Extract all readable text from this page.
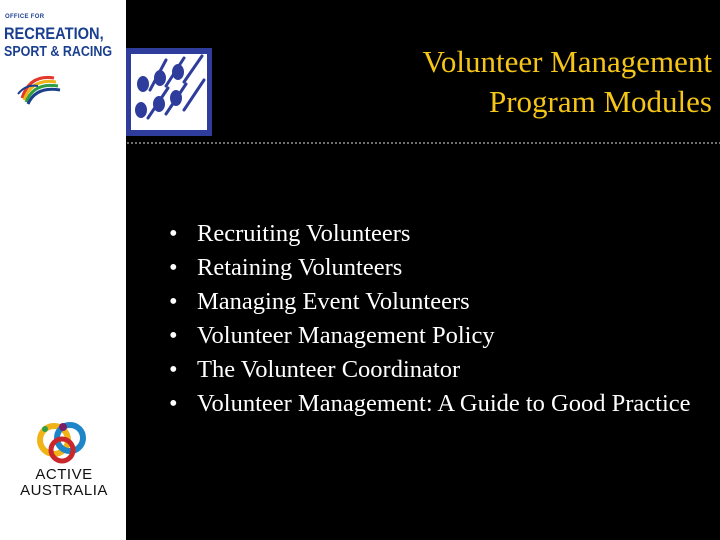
OFFICE FOR
RECREATION,
SPORT & RACING
ACTIVE
AUSTRALIA
Volunteer Management
Program Modules
• Recruiting Volunteers
• Retaining Volunteers
• Managing Event Volunteers
• Volunteer Management Policy
• The Volunteer Coordinator
• Volunteer Management: A Guide to Good Practice
